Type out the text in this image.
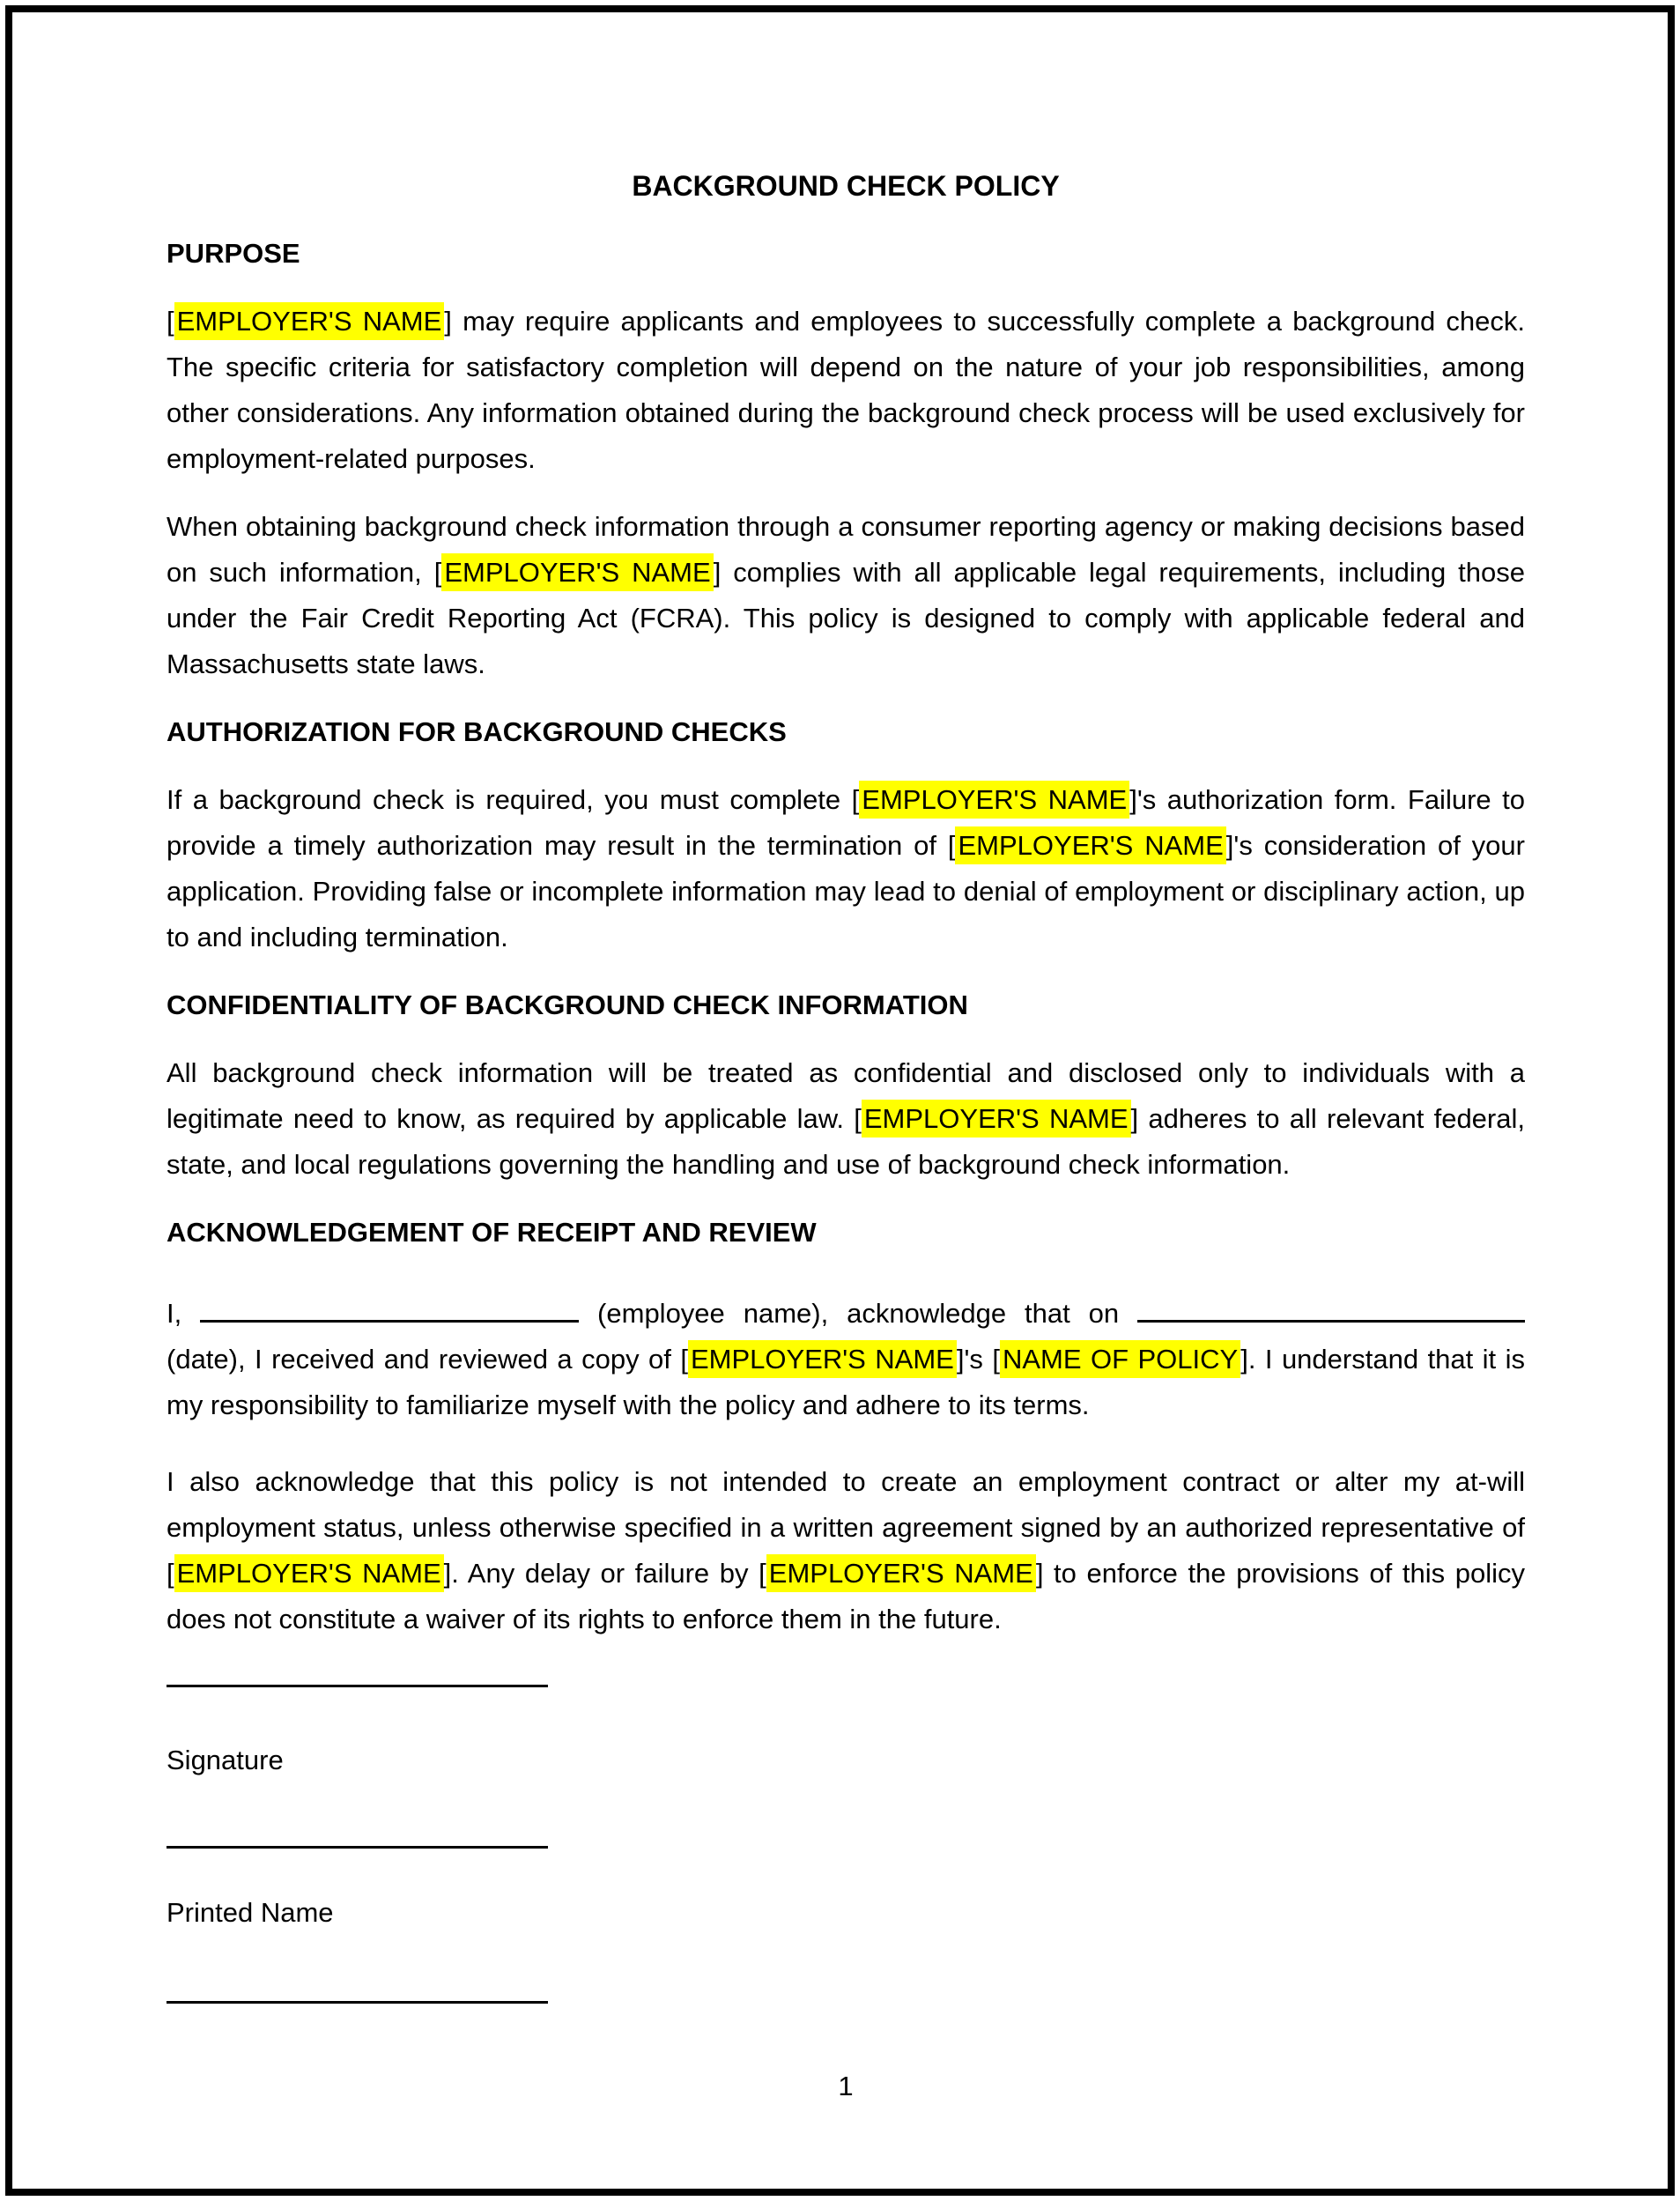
BACKGROUND CHECK POLICY
PURPOSE

[EMPLOYER'S NAME] may require applicants and employees to successfully complete a background check. The specific criteria for satisfactory completion will depend on the nature of your job responsibilities, among other considerations. Any information obtained during the background check process will be used exclusively for employment-related purposes.

When obtaining background check information through a consumer reporting agency or making decisions based on such information, [EMPLOYER'S NAME] complies with all applicable legal requirements, including those under the Fair Credit Reporting Act (FCRA). This policy is designed to comply with applicable federal and Massachusetts state laws.

AUTHORIZATION FOR BACKGROUND CHECKS

If a background check is required, you must complete [EMPLOYER'S NAME]'s authorization form. Failure to provide a timely authorization may result in the termination of [EMPLOYER'S NAME]'s consideration of your application. Providing false or incomplete information may lead to denial of employment or disciplinary action, up to and including termination.

CONFIDENTIALITY OF BACKGROUND CHECK INFORMATION

All background check information will be treated as confidential and disclosed only to individuals with a legitimate need to know, as required by applicable law. [EMPLOYER'S NAME] adheres to all relevant federal, state, and local regulations governing the handling and use of background check information.

ACKNOWLEDGEMENT OF RECEIPT AND REVIEW

I,	(employee name), acknowledge that on  (date), I received and reviewed a copy of [EMPLOYER'S NAME]'s [NAME OF POLICY]. I understand that it is my responsibility to familiarize myself with the policy and adhere to its terms.

I also acknowledge that this policy is not intended to create an employment contract or alter my at-will employment status, unless otherwise specified in a written agreement signed by an authorized representative of [EMPLOYER'S NAME]. Any delay or failure by [EMPLOYER'S NAME] to enforce the provisions of this policy does not constitute a waiver of its rights to enforce them in the future.

Signature
Printed Name
1
